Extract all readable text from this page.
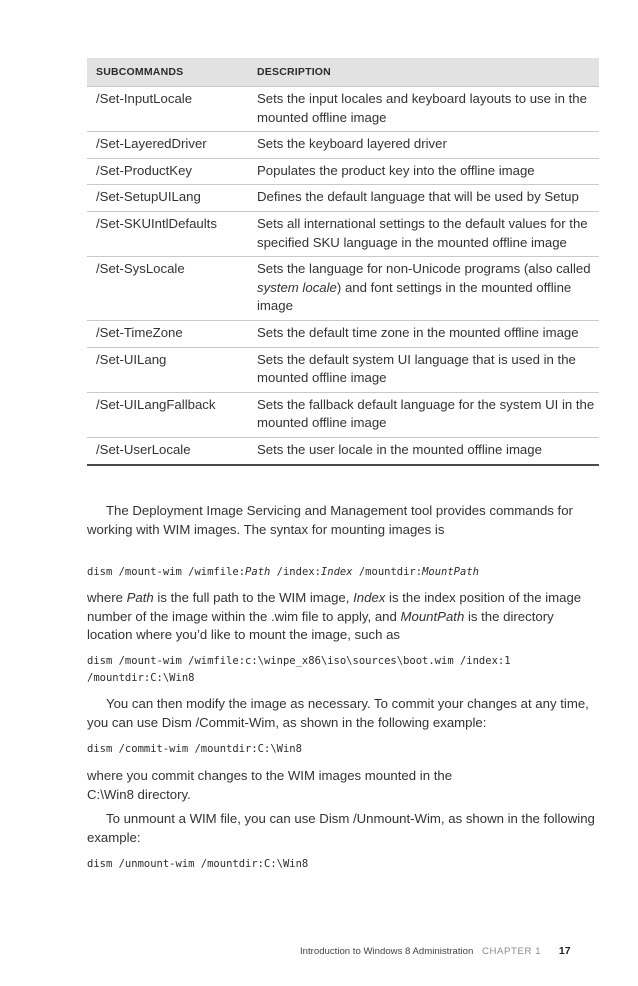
SUBCOMMANDS	DESCRIPTION
/Set-InputLocale	Sets the input locales and keyboard layouts to use in the mounted offline image
/Set-LayeredDriver	Sets the keyboard layered driver
/Set-ProductKey	Populates the product key into the offline image
/Set-SetupUILang	Defines the default language that will be used by Setup
/Set-SKUIntlDefaults	Sets all international settings to the default values for the specified SKU language in the mounted offline image
/Set-SysLocale	Sets the language for non-Unicode programs (also called system locale) and font settings in the mounted offline image
/Set-TimeZone	Sets the default time zone in the mounted offline image
/Set-UILang	Sets the default system UI language that is used in the mounted offline image
/Set-UILangFallback	Sets the fallback default language for the system UI in the mounted offline image
/Set-UserLocale	Sets the user locale in the mounted offline image

The Deployment Image Servicing and Management tool provides commands for working with WIM images. The syntax for mounting images is

dism /mount-wim /wimfile:Path /index:Index /mountdir:MountPath

where Path is the full path to the WIM image, Index is the index position of the image number of the image within the .wim file to apply, and MountPath is the directory location where you’d like to mount the image, such as

dism /mount-wim /wimfile:c:\winpe_x86\iso\sources\boot.wim /index:1
/mountdir:C:\Win8

You can then modify the image as necessary. To commit your changes at any time, you can use Dism /Commit-Wim, as shown in the following example:

dism /commit-wim /mountdir:C:\Win8

where you commit changes to the WIM images mounted in the
C:\Win8 directory.

To unmount a WIM file, you can use Dism /Unmount-Wim, as shown in the following example:

dism /unmount-wim /mountdir:C:\Win8
Introduction to Windows 8 Administration CHAPTER 1 17
